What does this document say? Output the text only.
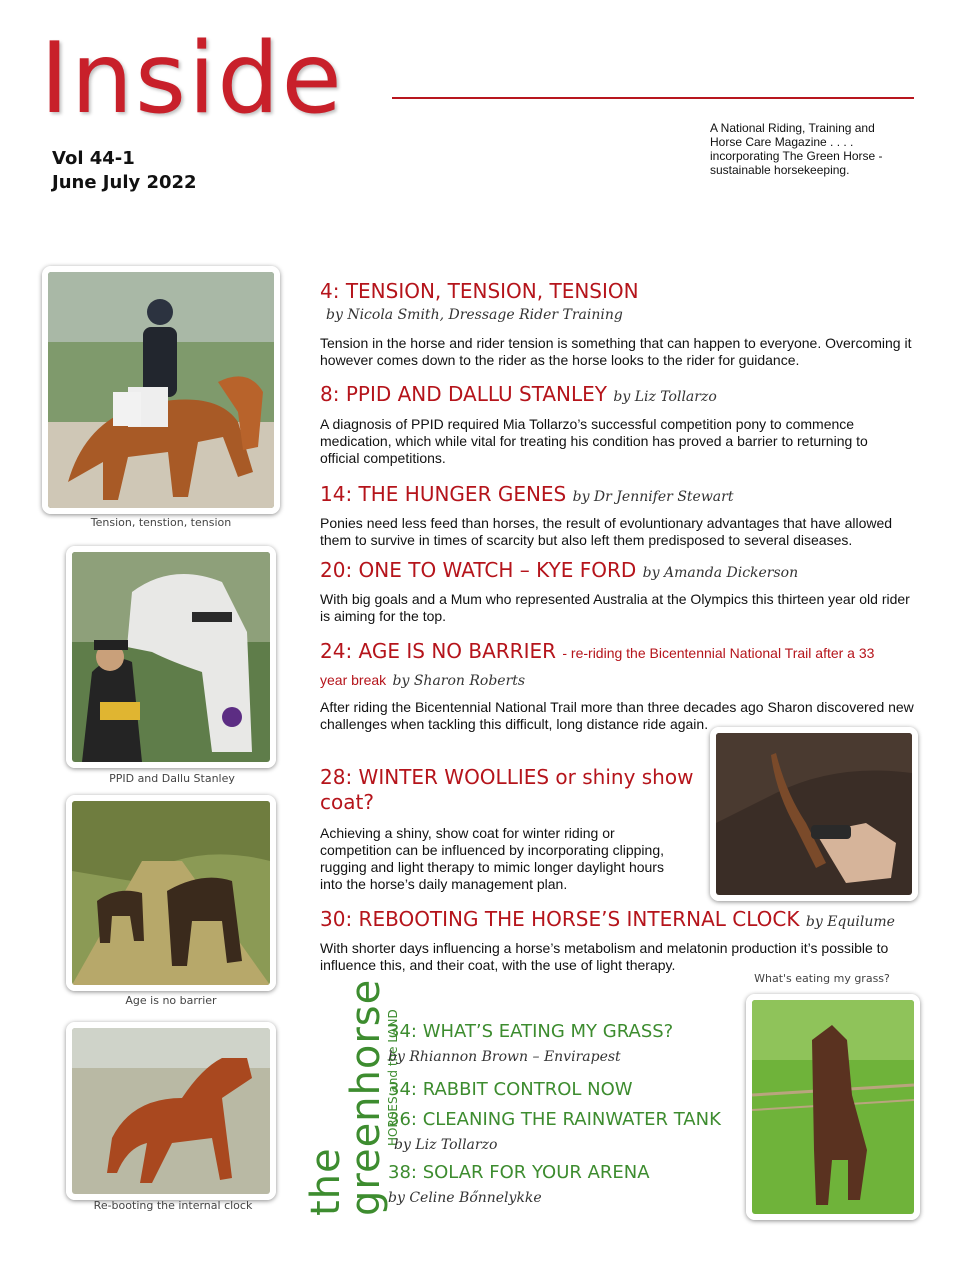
Inside
Vol 44-1
June July 2022
A National Riding, Training and Horse Care Magazine . . . . incorporating The Green Horse -sustainable horsekeeping.
Tension, tenstion, tension
PPID and Dallu Stanley
Age is no barrier
Re-booting the internal clock
What's eating my grass?
4: TENSION, TENSION, TENSION
by Nicola Smith, Dressage Rider Training
Tension in the horse and rider tension is something that can happen to everyone. Overcoming it however comes down to the rider as the horse looks to the rider for guidance.
8: PPID AND DALLU STANLEY by Liz Tollarzo
A diagnosis of PPID required Mia Tollarzo’s successful competition pony to commence medication, which while vital for treating his condition has proved a barrier to returning to official competitions.
14: THE HUNGER GENES by Dr Jennifer Stewart
Ponies need less feed than horses, the result of evoluntionary advantages that have allowed them to survive in times of scarcity but also left them predisposed to several diseases.
20: ONE TO WATCH – KYE FORD by Amanda Dickerson
With big goals and a Mum who represented Australia at the Olympics this thirteen year old rider is aiming for the top.
24: AGE IS NO BARRIER - re-riding the Bicentennial National Trail after a 33 year break by Sharon Roberts
After riding the Bicentennial National Trail more than three decades ago Sharon discovered new challenges when tackling this difficult, long distance ride again.
28: WINTER WOOLLIES or shiny show coat?
Achieving a shiny, show coat for winter riding or competition can be influenced by incorporating clipping, rugging and light therapy to mimic longer daylight hours into the horse’s daily management plan.
30: REBOOTING THE HORSE’S INTERNAL CLOCK by Equilume
With shorter days influencing a horse’s metabolism and melatonin production it’s possible to influence this, and their coat, with the use of light therapy.
the greenhorse
HORSES and the LAND
34: WHAT’S EATING MY GRASS?
by Rhiannon Brown – Envirapest
34: RABBIT CONTROL NOW
36: CLEANING THE RAINWATER TANK
by Liz Tollarzo
38: SOLAR FOR YOUR ARENA
by Celine Bőnnelykke
